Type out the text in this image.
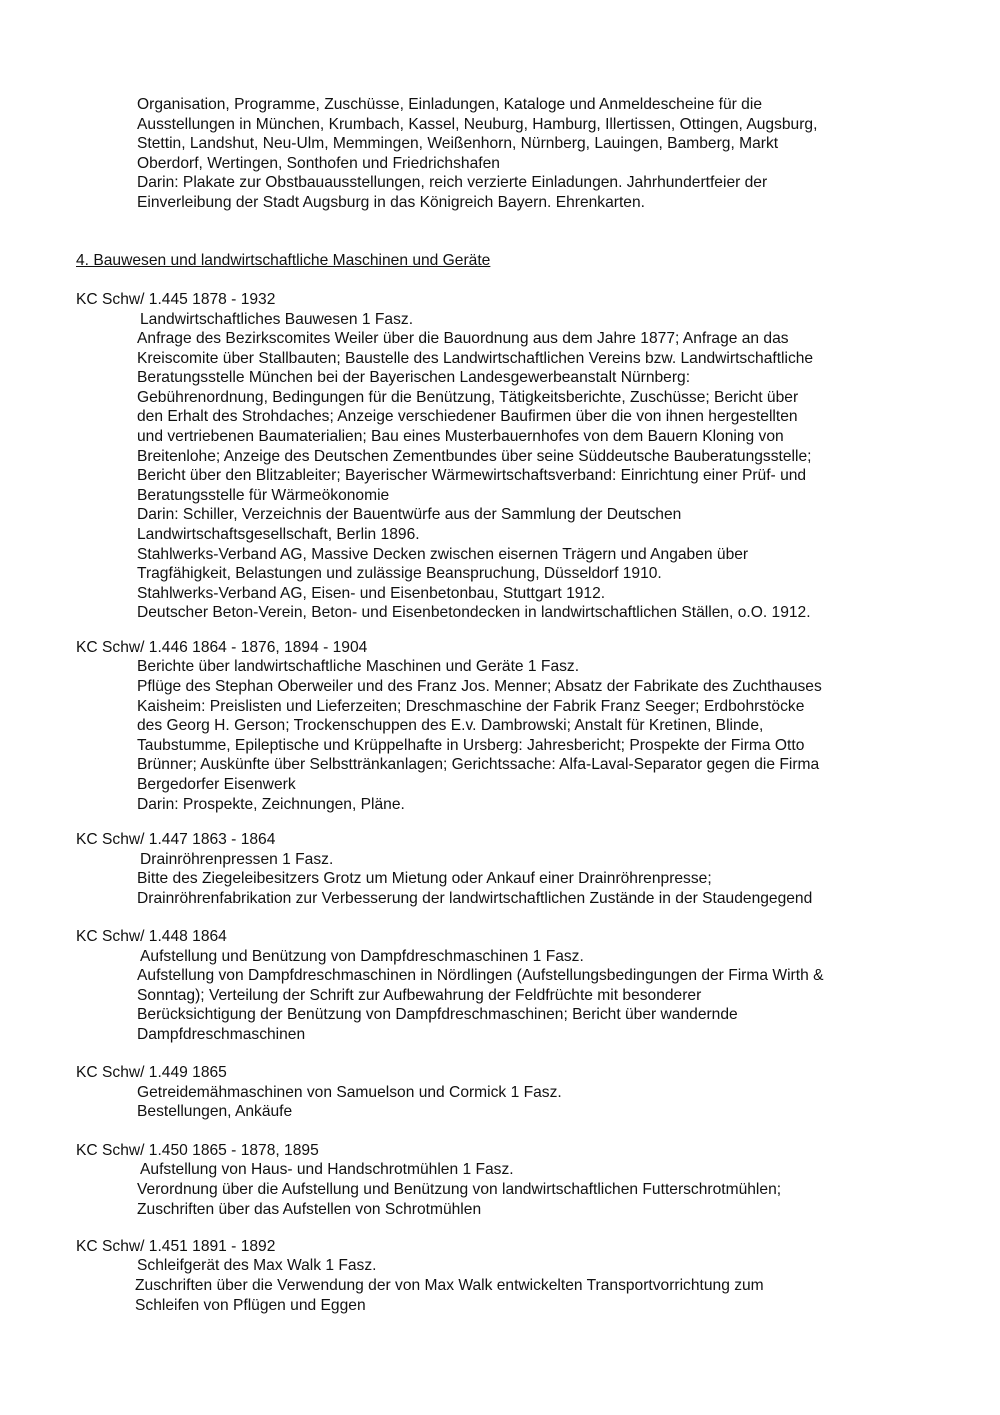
Organisation, Programme, Zuschüsse, Einladungen, Kataloge und Anmeldescheine für die
Ausstellungen in München, Krumbach, Kassel, Neuburg, Hamburg, Illertissen, Ottingen, Augsburg,
Stettin, Landshut, Neu-Ulm, Memmingen, Weißenhorn, Nürnberg, Lauingen, Bamberg, Markt
Oberdorf, Wertingen, Sonthofen und Friedrichshafen
Darin: Plakate zur Obstbauausstellungen, reich verzierte Einladungen. Jahrhundertfeier der
Einverleibung der Stadt Augsburg in das Königreich Bayern. Ehrenkarten.
4. Bauwesen und landwirtschaftliche Maschinen und Geräte
KC Schw/ 1.445 1878 - 1932
Landwirtschaftliches Bauwesen 1 Fasz.
Anfrage des Bezirkscomites Weiler über die Bauordnung aus dem Jahre 1877; Anfrage an das
Kreiscomite über Stallbauten; Baustelle des Landwirtschaftlichen Vereins bzw. Landwirtschaftliche
Beratungsstelle München bei der Bayerischen Landesgewerbeanstalt Nürnberg:
Gebührenordnung, Bedingungen für die Benützung, Tätigkeitsberichte, Zuschüsse; Bericht über
den Erhalt des Strohdaches; Anzeige verschiedener Baufirmen über die von ihnen hergestellten
und vertriebenen Baumaterialien; Bau eines Musterbauernhofes von dem Bauern Kloning von
Breitenlohe; Anzeige des Deutschen Zementbundes über seine Süddeutsche Bauberatungsstelle;
Bericht über den Blitzableiter; Bayerischer Wärmewirtschaftsverband: Einrichtung einer Prüf- und
Beratungsstelle für Wärmeökonomie
Darin: Schiller, Verzeichnis der Bauentwürfe aus der Sammlung der Deutschen
Landwirtschaftsgesellschaft, Berlin 1896.
Stahlwerks-Verband AG, Massive Decken zwischen eisernen Trägern und Angaben über
Tragfähigkeit, Belastungen und zulässige Beanspruchung, Düsseldorf 1910.
Stahlwerks-Verband AG, Eisen- und Eisenbetonbau, Stuttgart 1912.
Deutscher Beton-Verein, Beton- und Eisenbetondecken in landwirtschaftlichen Ställen, o.O. 1912.
KC Schw/ 1.446 1864 - 1876, 1894 - 1904
Berichte über landwirtschaftliche Maschinen und Geräte 1 Fasz.
Pflüge des Stephan Oberweiler und des Franz Jos. Menner; Absatz der Fabrikate des Zuchthauses
Kaisheim: Preislisten und Lieferzeiten; Dreschmaschine der Fabrik Franz Seeger; Erdbohrstöcke
des Georg H. Gerson; Trockenschuppen des E.v. Dambrowski; Anstalt für Kretinen, Blinde,
Taubstumme, Epileptische und Krüppelhafte in Ursberg: Jahresbericht; Prospekte der Firma Otto
Brünner; Auskünfte über Selbsttränkanlagen; Gerichtssache: Alfa-Laval-Separator gegen die Firma
Bergedorfer Eisenwerk
Darin: Prospekte, Zeichnungen, Pläne.
KC Schw/ 1.447 1863 - 1864
Drainröhrenpressen 1 Fasz.
Bitte des Ziegeleibesitzers Grotz um Mietung oder Ankauf einer Drainröhrenpresse;
Drainröhrenfabrikation zur Verbesserung der landwirtschaftlichen Zustände in der Staudengegend
KC Schw/ 1.448 1864
Aufstellung und Benützung von Dampfdreschmaschinen 1 Fasz.
Aufstellung von Dampfdreschmaschinen in Nördlingen (Aufstellungsbedingungen der Firma Wirth &
Sonntag); Verteilung der Schrift zur Aufbewahrung der Feldfrüchte mit besonderer
Berücksichtigung der Benützung von Dampfdreschmaschinen; Bericht über wandernde
Dampfdreschmaschinen
KC Schw/ 1.449 1865
Getreidemähmaschinen von Samuelson und Cormick 1 Fasz.
Bestellungen, Ankäufe
KC Schw/ 1.450 1865 - 1878, 1895
Aufstellung von Haus- und Handschrotmühlen 1 Fasz.
Verordnung über die Aufstellung und Benützung von landwirtschaftlichen Futterschrotmühlen;
Zuschriften über das Aufstellen von Schrotmühlen
KC Schw/ 1.451 1891 - 1892
Schleifgerät des Max Walk 1 Fasz.
Zuschriften über die Verwendung der von Max Walk entwickelten Transportvorrichtung zum
Schleifen von Pflügen und Eggen
